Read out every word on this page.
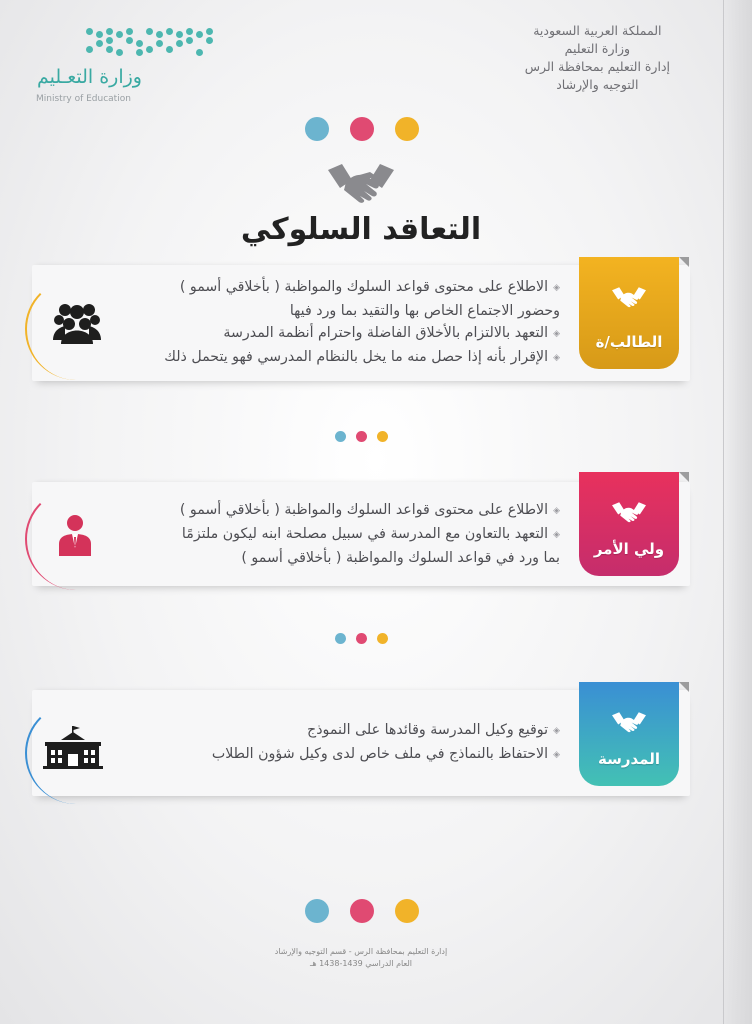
المملكة العربية السعودية
وزارة التعليم
إدارة التعليم بمحافظة الرس
التوجيه والإرشاد
وزارة التعـليم
Ministry of Education
التعاقد السلوكي
◈ الاطلاع على محتوى قواعد السلوك والمواظبة ( بأخلاقي أسمو )
وحضور الاجتماع الخاص بها والتقيد بما ورد فيها
◈ التعهد بالالتزام بالأخلاق الفاضلة واحترام أنظمة المدرسة
◈ الإقرار بأنه إذا حصل منه ما يخل بالنظام المدرسي فهو يتحمل ذلك
الطالب/ة
◈ الاطلاع على محتوى قواعد السلوك والمواظبة ( بأخلاقي أسمو )
◈ التعهد بالتعاون مع المدرسة في سبيل مصلحة ابنه ليكون ملتزمًا
بما ورد في قواعد السلوك والمواظبة ( بأخلاقي أسمو )	ولي الأمر
◈ توقيع وكيل المدرسة وقائدها على النموذج
◈ الاحتفاظ بالنماذج في ملف خاص لدى وكيل شؤون الطلاب	المدرسة
إدارة التعليم بمحافظة الرس - قسم التوجيه والإرشاد
العام الدراسي 1439-1438 هـ
